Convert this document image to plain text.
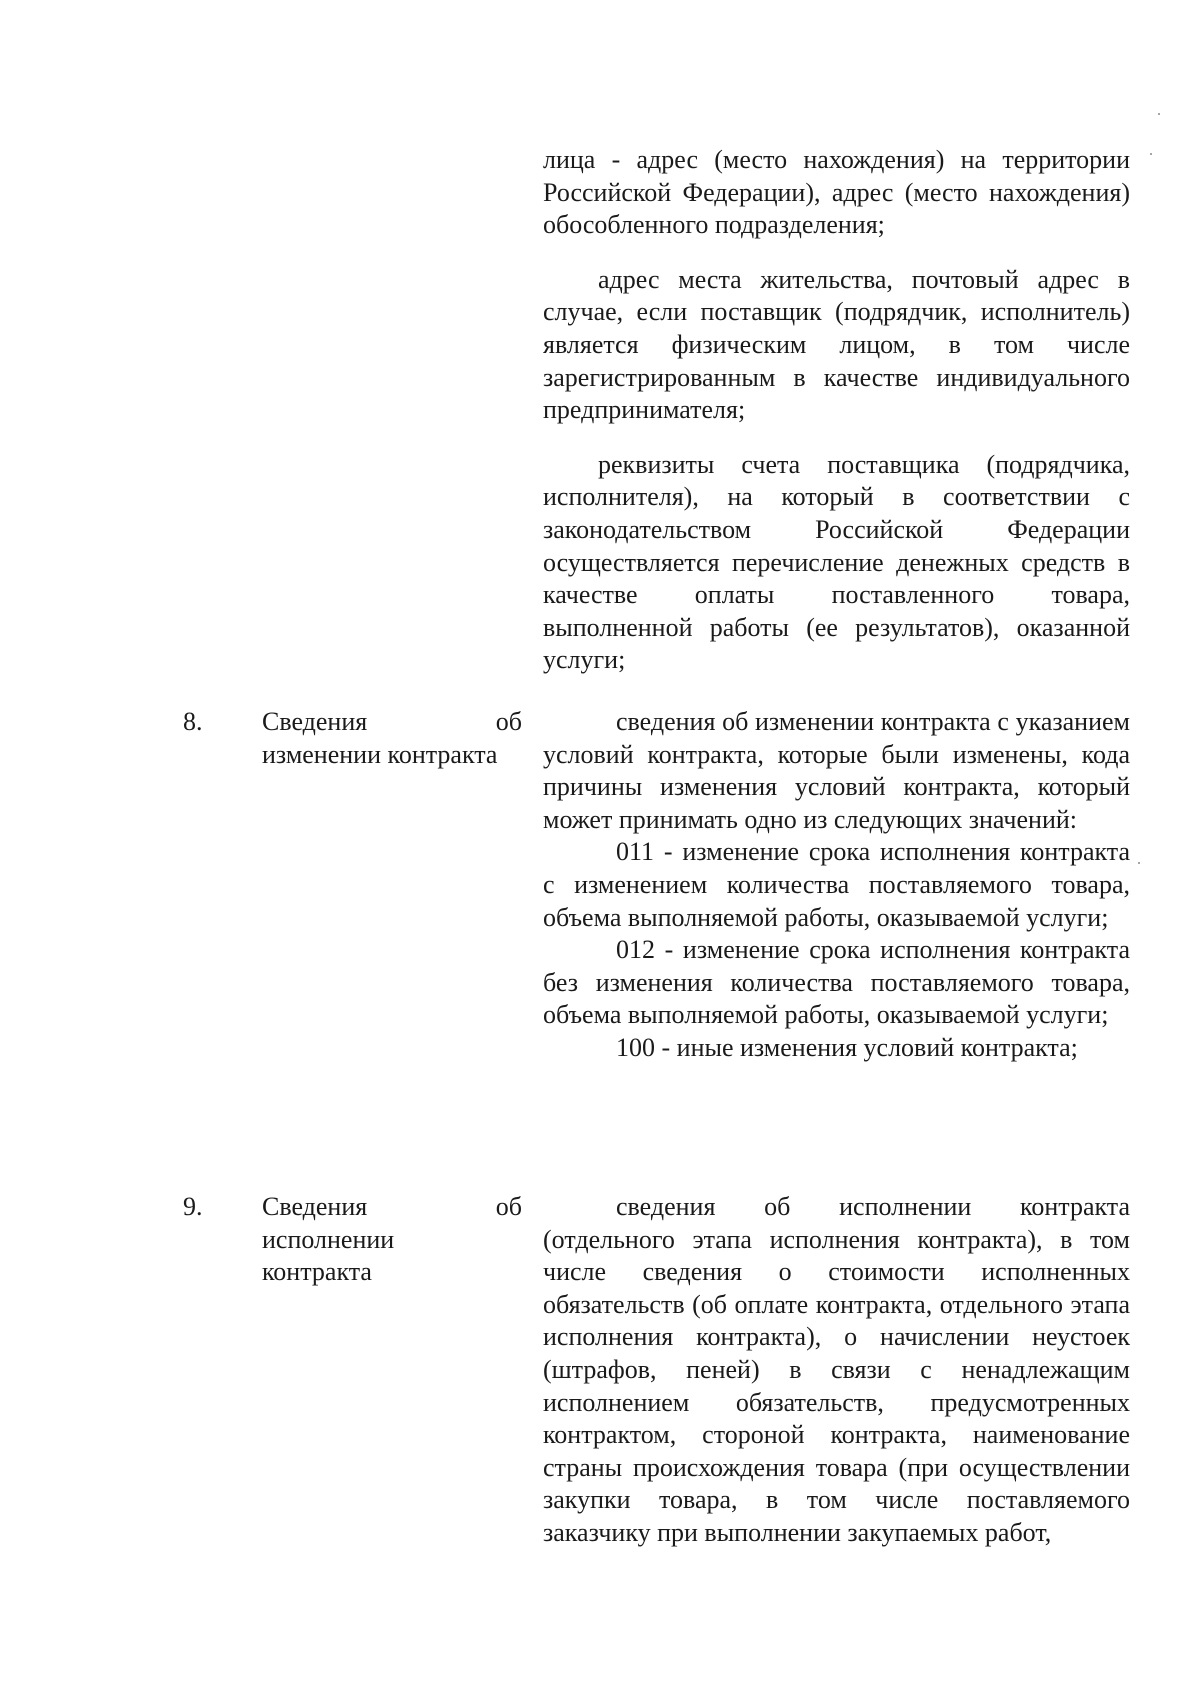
лица - адрес (место нахождения) на территории Российской Федерации), адрес (место нахождения) обособленного подразделения;

адрес места жительства, почтовый адрес в случае, если поставщик (подрядчик, исполнитель) является физическим лицом, в том числе зарегистрированным в качестве индивидуального предпринимателя;

реквизиты счета поставщика (подрядчика, исполнителя), на который в соответствии с законодательством Российской Федерации осуществляется перечисление денежных средств в качестве оплаты поставленного товара, выполненной работы (ее результатов), оказанной услуги;

8. Сведения	об
изменении контракта

сведения об изменении контракта с указанием условий контракта, которые были изменены, кода причины изменения условий контракта, который может принимать одно из следующих значений:

011 - изменение срока исполнения контракта с изменением количества поставляемого товара, объема выполняемой работы, оказываемой услуги;

012 - изменение срока исполнения контракта без изменения количества поставляемого товара, объема выполняемой работы, оказываемой услуги;

100 - иные изменения условий контракта;

9. Сведения	об
исполнении
контракта

сведения об исполнении контракта (отдельного этапа исполнения контракта), в том числе сведения о стоимости исполненных обязательств (об оплате контракта, отдельного этапа исполнения контракта), о начислении неустоек (штрафов, пеней) в связи с ненадлежащим исполнением обязательств, предусмотренных контрактом, стороной контракта, наименование страны происхождения товара (при осуществлении закупки товара, в том числе поставляемого заказчику при выполнении закупаемых работ,
